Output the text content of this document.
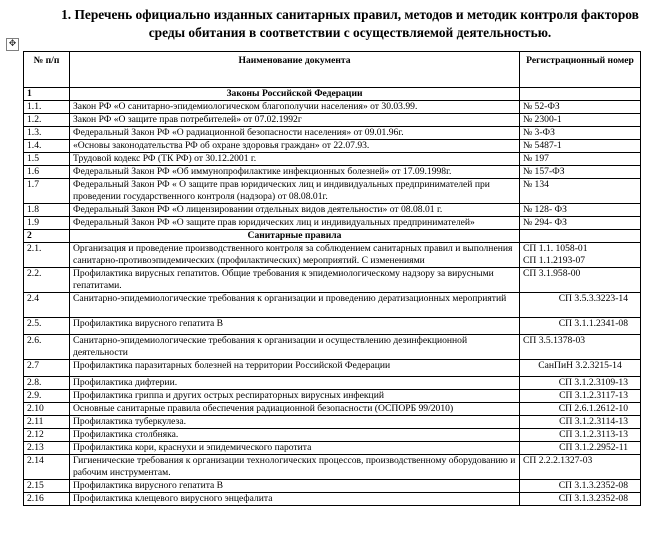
1. Перечень официально изданных санитарных правил, методов и методик контроля факторов
среды обитания в соответствии с осуществляемой деятельностью.
✥
№ п/п	Наименование документа	Регистрационный номер
1	Законы Российской Федерации	
1.1.	Закон РФ «О санитарно-эпидемиологическом благополучии населения» от 30.03.99.	№ 52-ФЗ
1.2.	Закон РФ «О защите прав потребителей» от 07.02.1992г	№ 2300-1
1.3.	Федеральный Закон РФ «О радиационной безопасности населения» от 09.01.96г.	№ 3-ФЗ
1.4.	«Основы законодательства РФ об охране здоровья граждан» от 22.07.93.	№ 5487-1
1.5	Трудовой кодекс РФ (ТК РФ) от 30.12.2001 г.	№ 197
1.6	Федеральный Закон РФ «Об иммунопрофилактике инфекционных болезней» от 17.09.1998г.	№ 157-ФЗ
1.7	Федеральный Закон РФ « О защите прав юридических лиц и индивидуальных предпринимателей при проведении государственного контроля (надзора) от 08.08.01г.	№ 134
1.8	Федеральный Закон РФ «О лицензировании отдельных видов деятельности» от 08.08.01 г.	№ 128- ФЗ
1.9	Федеральный Закон РФ «О защите прав юридических лиц и индивидуальных предпринимателей»	№ 294- ФЗ
2	Санитарные правила	
2.1.	Организация и проведение производственного контроля за соблюдением санитарных правил и выполнения санитарно-противоэпидемических (профилактических) мероприятий. С изменениями	СП 1.1. 1058-01
СП 1.1.2193-07
2.2.	Профилактика вирусных гепатитов. Общие требования к эпидемиологическому надзору за вирусными гепатитами.	СП 3.1.958-00
2.4	Санитарно-эпидемиологические требования к организации и проведению дератизационных мероприятий	СП 3.5.3.3223-14
2.5.	Профилактика вирусного гепатита В	СП 3.1.1.2341-08
2.6.	Санитарно-эпидемиологические требования к организации и осуществлению дезинфекционной деятельности	СП 3.5.1378-03
2.7	Профилактика паразитарных болезней на территории Российской Федерации	СанПиН 3.2.3215-14
2.8.	Профилактика дифтерии.	СП 3.1.2.3109-13
2.9.	Профилактика гриппа и других острых респираторных вирусных инфекций	СП 3.1.2.3117-13
2.10	Основные санитарные правила обеспечения радиационной безопасности (ОСПОРБ 99/2010)	СП 2.6.1.2612-10
2.11	Профилактика туберкулеза.	СП 3.1.2.3114-13
2.12	Профилактика столбняка.	СП 3.1.2.3113-13
2.13	Профилактика кори, краснухи и эпидемического паротита	СП 3.1.2.2952-11
2.14	Гигиенические требования к организации технологических процессов, производственному оборудованию и рабочим инструментам.	СП 2.2.2.1327-03
2.15	Профилактика вирусного гепатита В	СП 3.1.3.2352-08
2.16	Профилактика клещевого вирусного энцефалита	СП 3.1.3.2352-08
